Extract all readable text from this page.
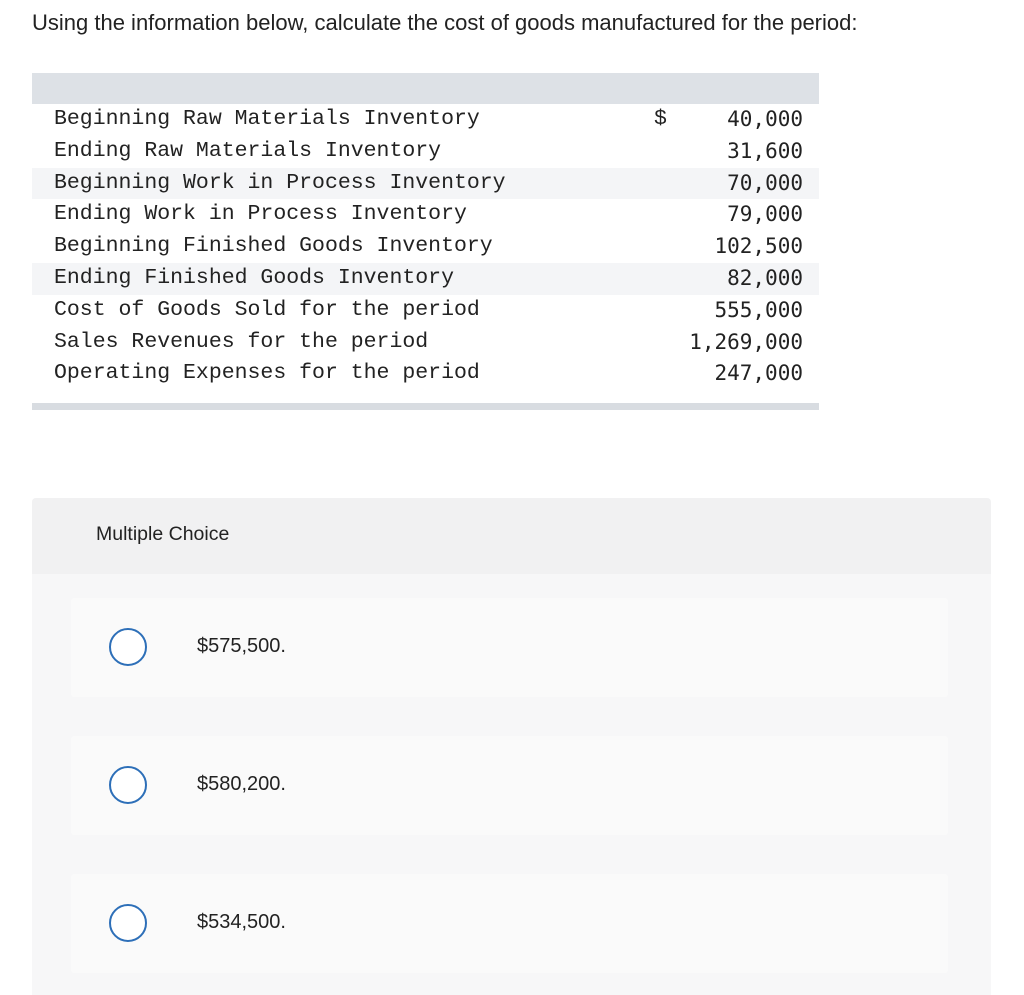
Using the information below, calculate the cost of goods manufactured for the period:
Beginning Raw Materials Inventory	$	40,000
Ending Raw Materials Inventory	31,600
Beginning Work in Process Inventory	70,000
Ending Work in Process Inventory	79,000
Beginning Finished Goods Inventory	102,500
Ending Finished Goods Inventory	82,000
Cost of Goods Sold for the period	555,000
Sales Revenues for the period	1,269,000
Operating Expenses for the period	247,000
Multiple Choice
$575,500.
$580,200.
$534,500.
